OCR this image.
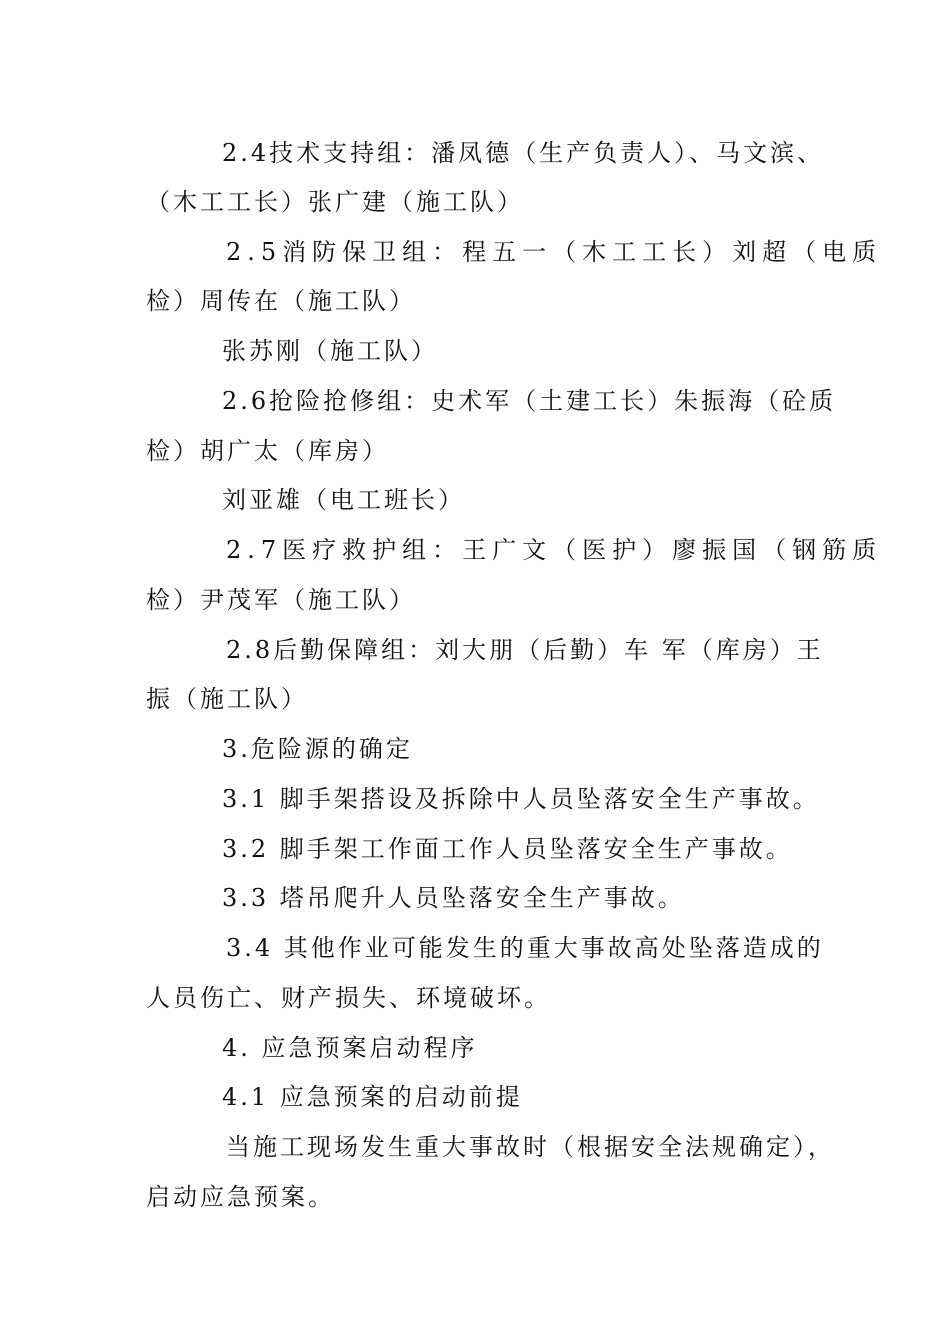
2.4技术支持组：潘凤德（生产负责人）、马文滨、
（木工工长）张广建（施工队）
2.5消防保卫组：程五一（木工工长）刘超（电质
检）周传在（施工队）
张苏刚（施工队）
2.6抢险抢修组：史术军（土建工长）朱振海（砼质
检）胡广太（库房）
刘亚雄（电工班长）
2.7医疗救护组：王广文（医护）廖振国（钢筋质
检）尹茂军（施工队）
2.8后勤保障组：刘大朋（后勤）车 军（库房）王
振（施工队）
3.危险源的确定
3.1 脚手架搭设及拆除中人员坠落安全生产事故。
3.2 脚手架工作面工作人员坠落安全生产事故。
3.3 塔吊爬升人员坠落安全生产事故。
3.4 其他作业可能发生的重大事故高处坠落造成的
人员伤亡、财产损失、环境破坏。
4. 应急预案启动程序
4.1 应急预案的启动前提
当施工现场发生重大事故时（根据安全法规确定），
启动应急预案。
